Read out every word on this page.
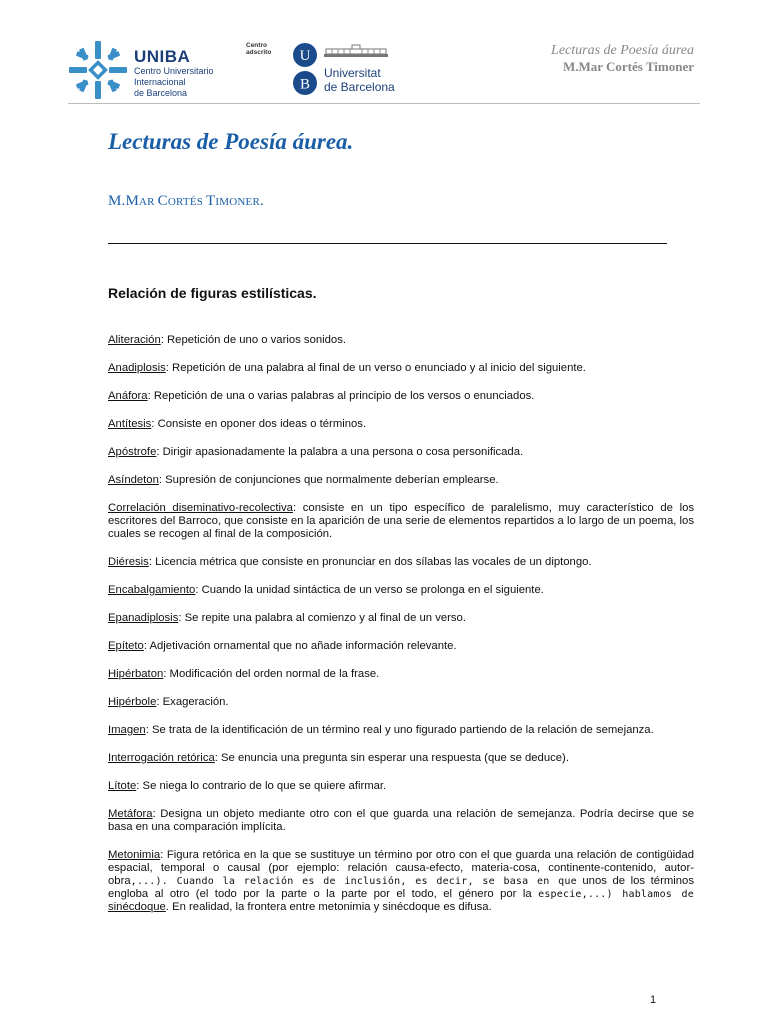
UNIBA
Centro Universitario
Internacional
de Barcelona
Centro
adscrito U
B
Universitat
de Barcelona
Lecturas de Poesía áurea
M.Mar Cortés Timoner
Lecturas de Poesía áurea.
M.MAR CORTÉS TIMONER.
Relación de figuras estilísticas.

Aliteración: Repetición de uno o varios sonidos.

Anadiplosis: Repetición de una palabra al final de un verso o enunciado y al inicio del siguiente.

Anáfora: Repetición de una o varias palabras al principio de los versos o enunciados.

Antítesis: Consiste en oponer dos ideas o términos.

Apóstrofe: Dirigir apasionadamente la palabra a una persona o cosa personificada.

Asíndeton: Supresión de conjunciones que normalmente deberían emplearse.

Correlación diseminativo-recolectiva: consiste en un tipo específico de paralelismo, muy característico de los escritores del Barroco, que consiste en la aparición de una serie de elementos repartidos a lo largo de un poema, los cuales se recogen al final de la composición.

Diéresis: Licencia métrica que consiste en pronunciar en dos sílabas las vocales de un diptongo.

Encabalgamiento: Cuando la unidad sintáctica de un verso se prolonga en el siguiente.

Epanadiplosis: Se repite una palabra al comienzo y al final de un verso.

Epíteto: Adjetivación ornamental que no añade información relevante.

Hipérbaton: Modificación del orden normal de la frase.

Hipérbole: Exageración.

Imagen: Se trata de la identificación de un término real y uno figurado partiendo de la relación de semejanza.

Interrogación retórica: Se enuncia una pregunta sin esperar una respuesta (que se deduce).

Lítote: Se niega lo contrario de lo que se quiere afirmar.

Metáfora: Designa un objeto mediante otro con el que guarda una relación de semejanza. Podría decirse que se basa en una comparación implícita.

Metonimia: Figura retórica en la que se sustituye un término por otro con el que guarda una relación de contigüidad espacial, temporal o causal (por ejemplo: relación causa-efecto, materia-cosa, continente-contenido, autor-obra,...). Cuando la relación es de inclusión, es decir, se basa en que unos de los términos engloba al otro (el todo por la parte o la parte por el todo, el género por la especie,...) hablamos de sinécdoque. En realidad, la frontera entre metonimia y sinécdoque es difusa.

1
